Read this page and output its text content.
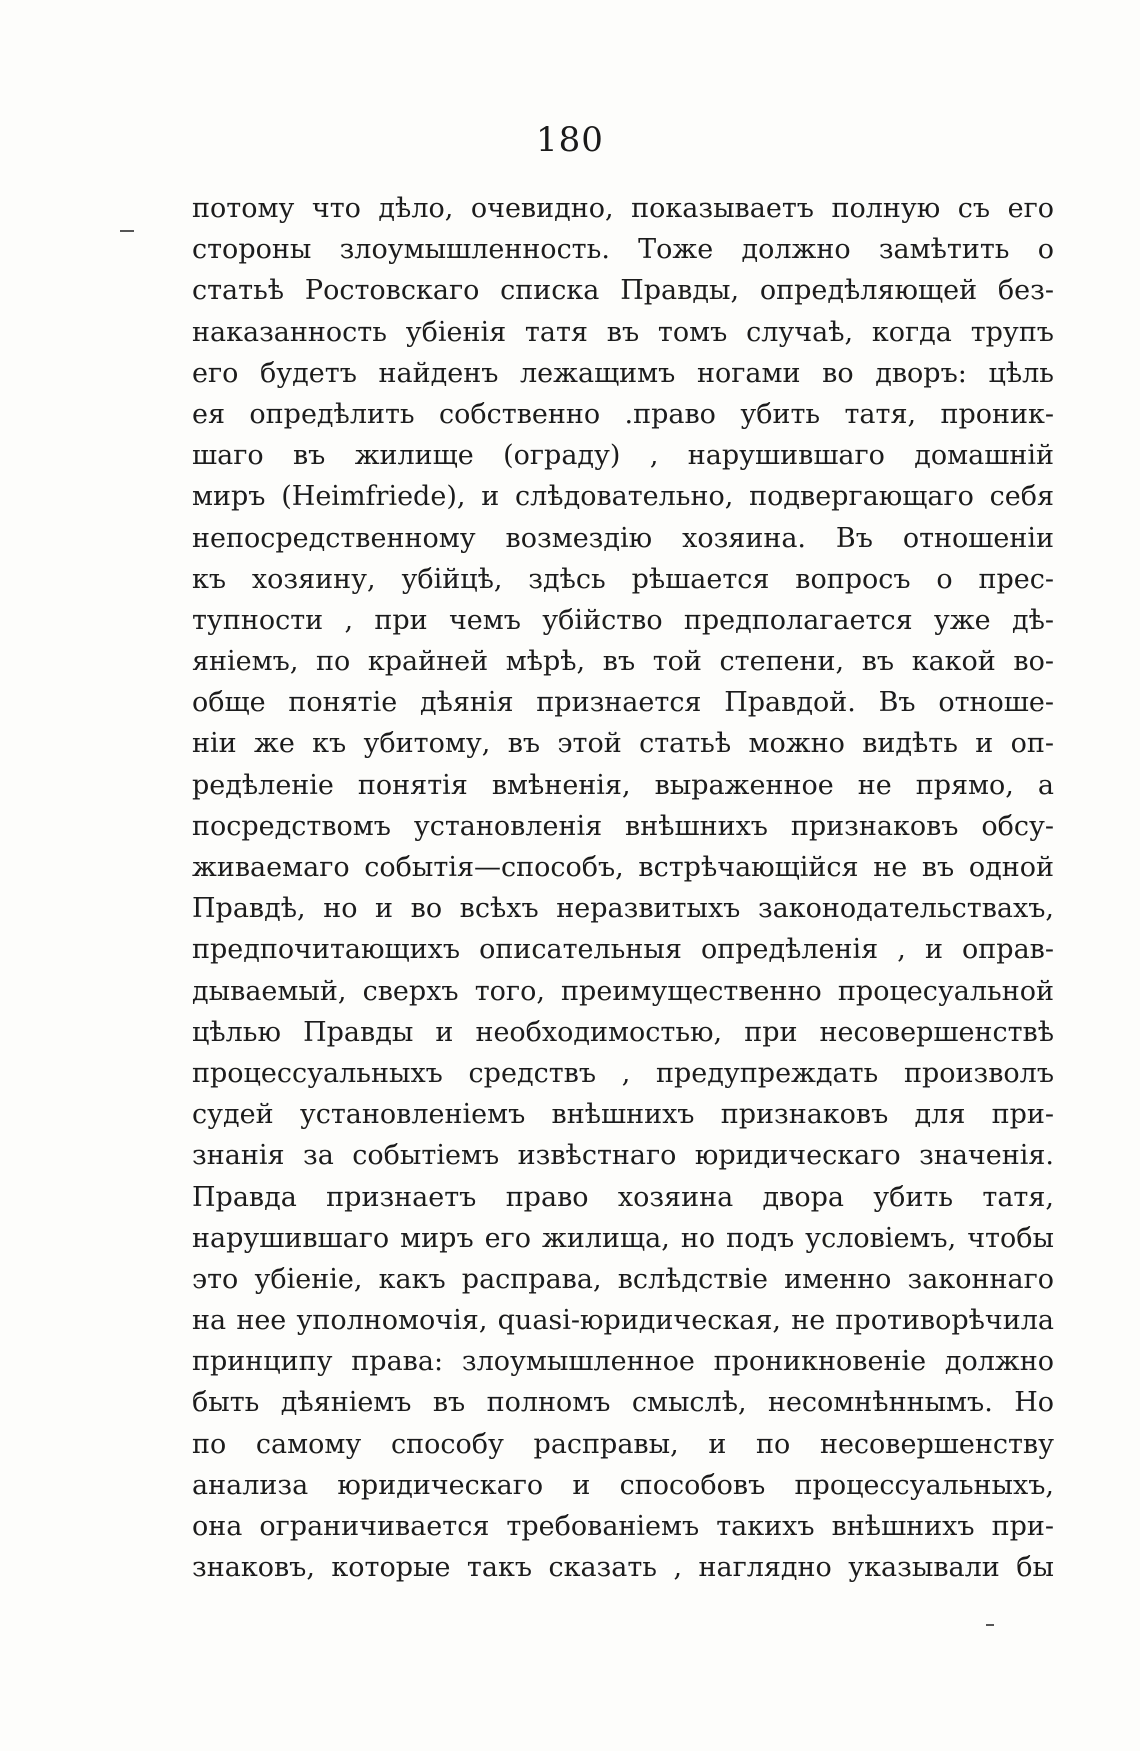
180
потому что дѣло, очевидно, показываетъ полную съ его
стороны злоумышленность. Тоже должно замѣтить о
статьѣ Ростовскаго списка Правды, опредѣляющей без-
наказанность убіенія татя въ томъ случаѣ, когда трупъ
его будетъ найденъ лежащимъ ногами во дворъ: цѣль
ея опредѣлить собственно .право убить татя, проник-
шаго въ жилище (ограду) , нарушившаго домашній
миръ (Heimfriede), и слѣдовательно, подвергающаго себя
непосредственному возмездію хозяина. Въ отношеніи
къ хозяину, убійцѣ, здѣсь рѣшается вопросъ о прес-
тупности , при чемъ убійство предполагается уже дѣ-
яніемъ, по крайней мѣрѣ, въ той степени, въ какой во-
обще понятіе дѣянія признается Правдой. Въ отноше-
ніи же къ убитому, въ этой статьѣ можно видѣть и оп-
редѣленіе понятія вмѣненія, выраженное не прямо, а
посредствомъ установленія внѣшнихъ признаковъ обсу-
живаемаго событія—способъ, встрѣчающійся не въ одной
Правдѣ, но и во всѣхъ неразвитыхъ законодательствахъ,
предпочитающихъ описательныя опредѣленія , и оправ-
дываемый, сверхъ того, преимущественно процесуальной
цѣлью Правды и необходимостью, при несовершенствѣ
процессуальныхъ средствъ , предупреждать произволъ
судей установленіемъ внѣшнихъ признаковъ для при-
знанія за событіемъ извѣстнаго юридическаго значенія.
Правда признаетъ право хозяина двора убить татя,
нарушившаго миръ его жилища, но подъ условіемъ, чтобы
это убіеніе, какъ расправа, вслѣдствіе именно законнаго
на нее уполномочія, quasi-юридическая, не противорѣчила
принципу права: злоумышленное проникновеніе должно
быть дѣяніемъ въ полномъ смыслѣ, несомнѣннымъ. Но
по самому способу расправы, и по несовершенству
анализа юридическаго и способовъ процессуальныхъ,
она ограничивается требованіемъ такихъ внѣшнихъ при-
знаковъ, которые такъ сказать , наглядно указывали бы
